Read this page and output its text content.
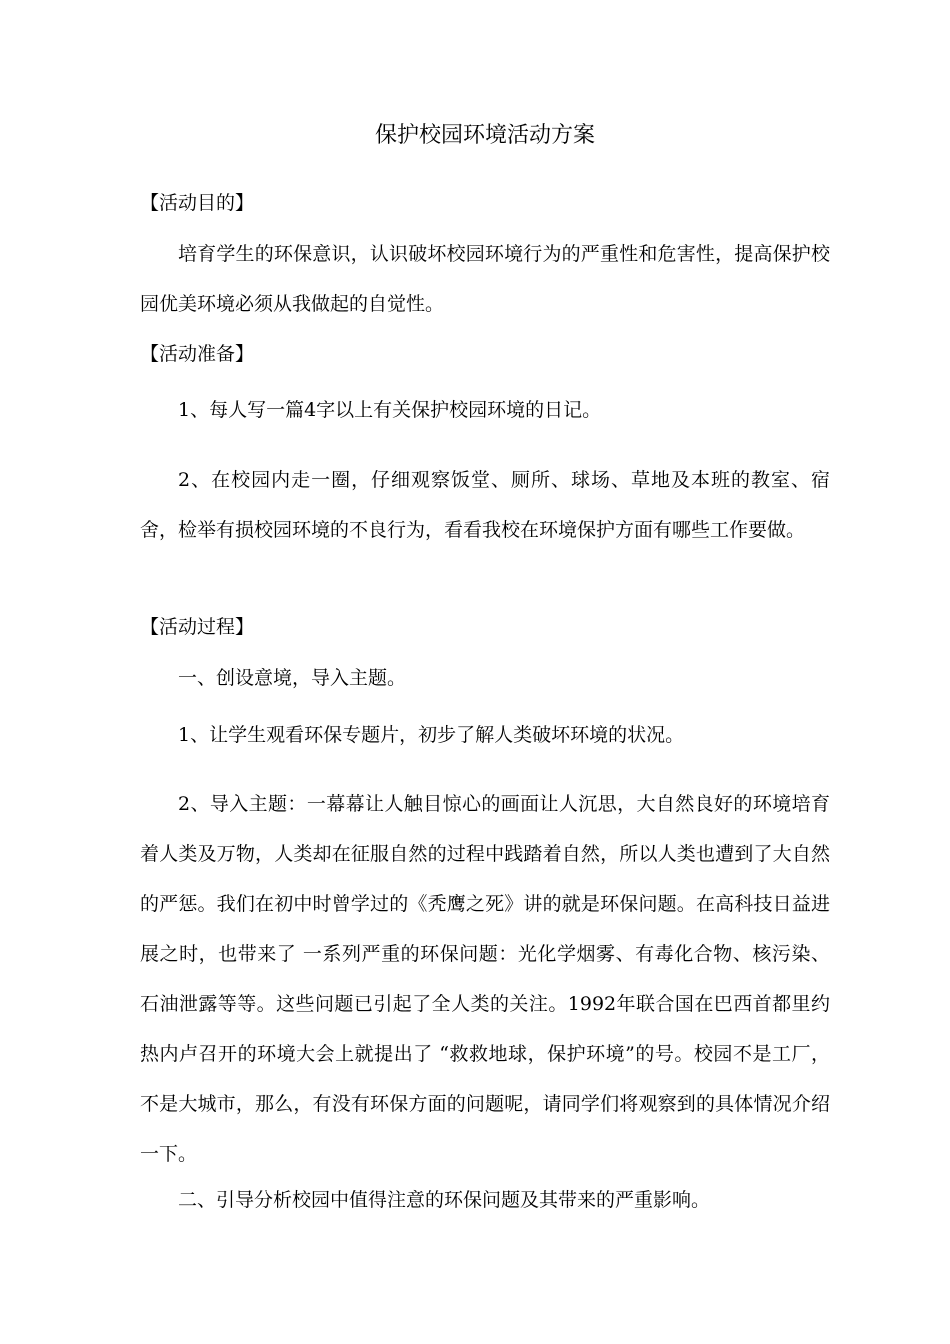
保护校园环境活动方案

【活动目的】

培育学生的环保意识，认识破坏校园环境行为的严重性和危害性，提高保护校园优美环境必须从我做起的自觉性。

【活动准备】

1、每人写一篇4字以上有关保护校园环境的日记。

2、在校园内走一圈，仔细观察饭堂、厕所、球场、草地及本班的教室、宿舍，检举有损校园环境的不良行为，看看我校在环境保护方面有哪些工作要做。

【活动过程】

一、创设意境，导入主题。

1、让学生观看环保专题片，初步了解人类破坏环境的状况。

2、导入主题：一幕幕让人触目惊心的画面让人沉思，大自然良好的环境培育着人类及万物，人类却在征服自然的过程中践踏着自然，所以人类也遭到了大自然的严惩。我们在初中时曾学过的《秃鹰之死》讲的就是环保问题。在高科技日益进展之时，也带来了 一系列严重的环保问题：光化学烟雾、有毒化合物、核污染、石油泄露等等。这些问题已引起了全人类的关注。1992年联合国在巴西首都里约热内卢召开的环境大会上就提出了 “救救地球，保护环境”的号。校园不是工厂，不是大城市，那么，有没有环保方面的问题呢，请同学们将观察到的具体情况介绍一下。

二、引导分析校园中值得注意的环保问题及其带来的严重影响。
